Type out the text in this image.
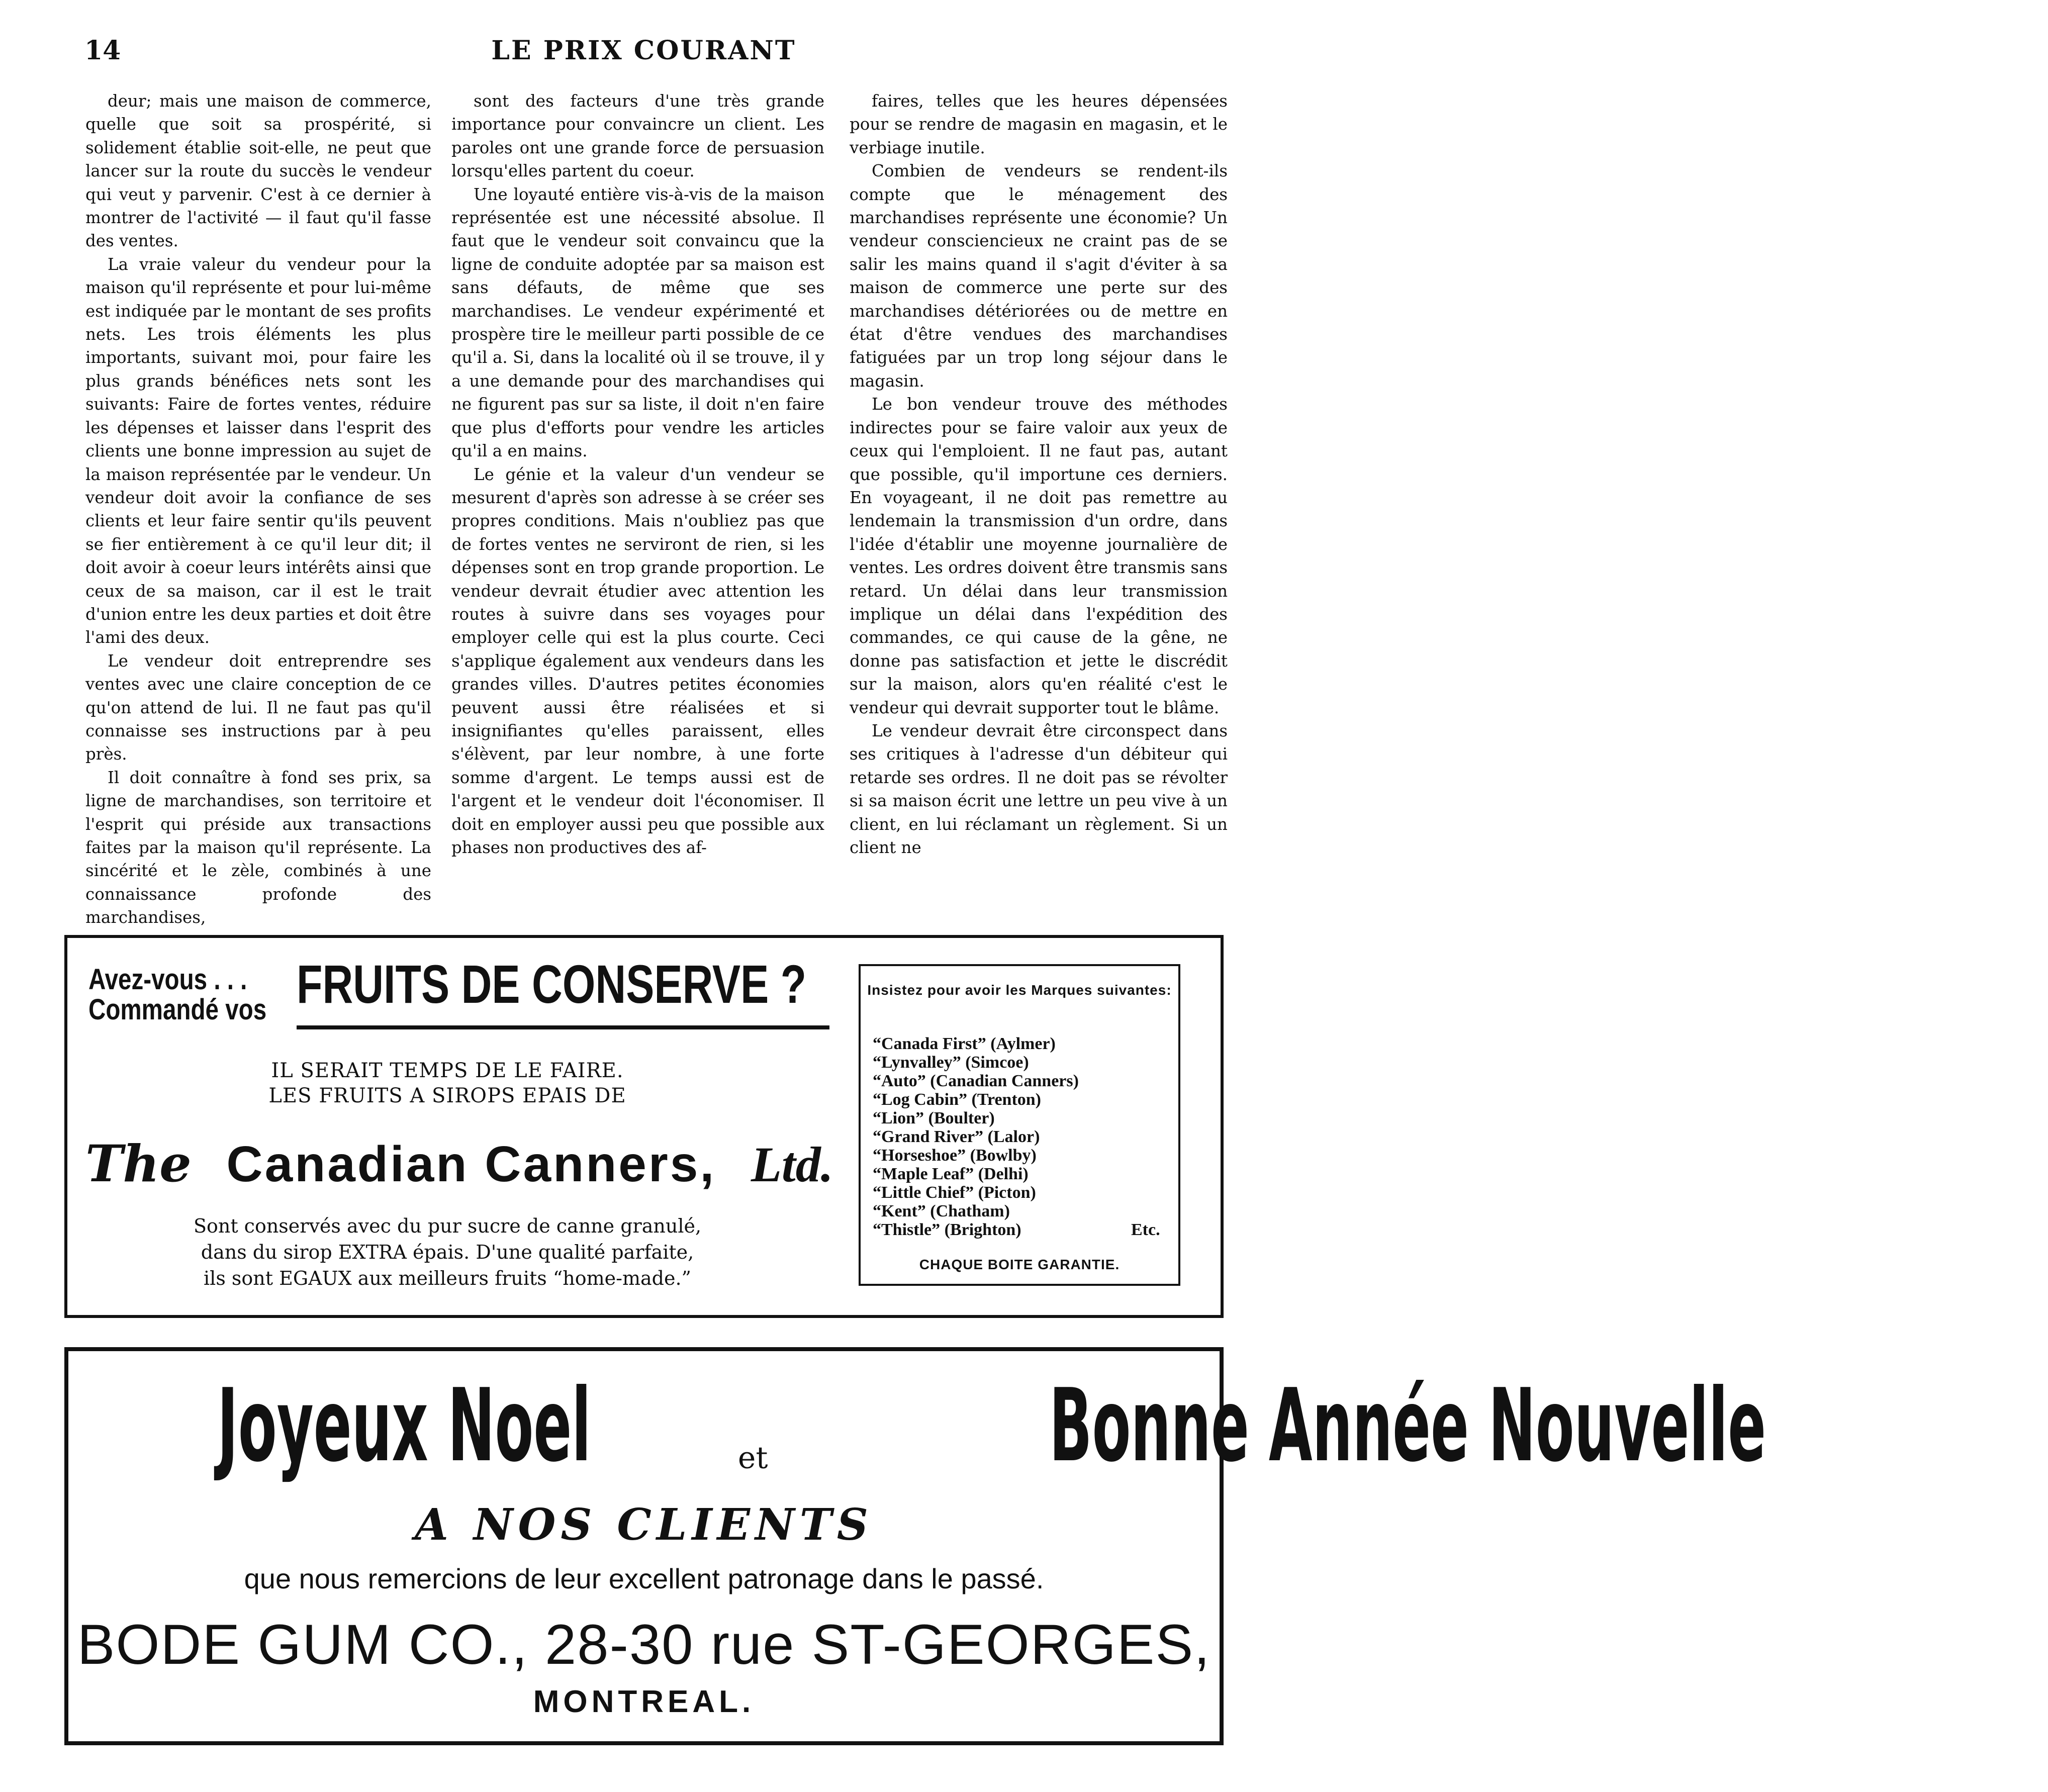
LE PRIX COURANT
14

deur; mais une maison de commerce, quelle que soit sa prospérité, si solidement établie soit-elle, ne peut que lancer sur la route du succès le vendeur qui veut y parvenir. C'est à ce dernier à montrer de l'activité — il faut qu'il fasse des ventes.

La vraie valeur du vendeur pour la maison qu'il représente et pour lui-même est indiquée par le montant de ses profits nets. Les trois éléments les plus importants, suivant moi, pour faire les plus grands bénéfices nets sont les suivants: Faire de fortes ventes, réduire les dépenses et laisser dans l'esprit des clients une bonne impression au sujet de la maison représentée par le vendeur. Un vendeur doit avoir la confiance de ses clients et leur faire sentir qu'ils peuvent se fier entièrement à ce qu'il leur dit; il doit avoir à coeur leurs intérêts ainsi que ceux de sa maison, car il est le trait d'union entre les deux parties et doit être l'ami des deux.

Le vendeur doit entreprendre ses ventes avec une claire conception de ce qu'on attend de lui. Il ne faut pas qu'il connaisse ses instructions par à peu près.

Il doit connaître à fond ses prix, sa ligne de marchandises, son territoire et l'esprit qui préside aux transactions faites par la maison qu'il représente. La sincérité et le zèle, combinés à une connaissance profonde des marchandises,

sont des facteurs d'une très grande importance pour convaincre un client. Les paroles ont une grande force de persuasion lorsqu'elles partent du coeur.

Une loyauté entière vis-à-vis de la maison représentée est une nécessité absolue. Il faut que le vendeur soit convaincu que la ligne de conduite adoptée par sa maison est sans défauts, de même que ses marchandises. Le vendeur expérimenté et prospère tire le meilleur parti possible de ce qu'il a. Si, dans la localité où il se trouve, il y a une demande pour des marchandises qui ne figurent pas sur sa liste, il doit n'en faire que plus d'efforts pour vendre les articles qu'il a en mains.

Le génie et la valeur d'un vendeur se mesurent d'après son adresse à se créer ses propres conditions. Mais n'oubliez pas que de fortes ventes ne serviront de rien, si les dépenses sont en trop grande proportion. Le vendeur devrait étudier avec attention les routes à suivre dans ses voyages pour employer celle qui est la plus courte. Ceci s'applique également aux vendeurs dans les grandes villes. D'autres petites économies peuvent aussi être réalisées et si insignifiantes qu'elles paraissent, elles s'élèvent, par leur nombre, à une forte somme d'argent. Le temps aussi est de l'argent et le vendeur doit l'économiser. Il doit en employer aussi peu que possible aux phases non productives des af-

faires, telles que les heures dépensées pour se rendre de magasin en magasin, et le verbiage inutile.

Combien de vendeurs se rendent-ils compte que le ménagement des marchandises représente une économie? Un vendeur consciencieux ne craint pas de se salir les mains quand il s'agit d'éviter à sa maison de commerce une perte sur des marchandises détériorées ou de mettre en état d'être vendues des marchandises fatiguées par un trop long séjour dans le magasin.

Le bon vendeur trouve des méthodes indirectes pour se faire valoir aux yeux de ceux qui l'emploient. Il ne faut pas, autant que possible, qu'il importune ces derniers. En voyageant, il ne doit pas remettre au lendemain la transmission d'un ordre, dans l'idée d'établir une moyenne journalière de ventes. Les ordres doivent être transmis sans retard. Un délai dans leur transmission implique un délai dans l'expédition des commandes, ce qui cause de la gêne, ne donne pas satisfaction et jette le discrédit sur la maison, alors qu'en réalité c'est le vendeur qui devrait supporter tout le blâme.

Le vendeur devrait être circonspect dans ses critiques à l'adresse d'un débiteur qui retarde ses ordres. Il ne doit pas se révolter si sa maison écrit une lettre un peu vive à un client, en lui réclamant un règlement. Si un client ne

Avez-vous . . .
Commandé vos FRUITS DE CONSERVE ?
IL SERAIT TEMPS DE LE FAIRE.
LES FRUITS A SIROPS EPAIS DE
The Canadian Canners, Ltd.
Sont conservés avec du pur sucre de canne granulé,
dans du sirop EXTRA épais. D'une qualité parfaite,
ils sont EGAUX aux meilleurs fruits “home-made.”
Insistez pour avoir les Marques suivantes:
“Canada First” (Aylmer)
“Lynvalley” (Simcoe)
“Auto” (Canadian Canners)
“Log Cabin” (Trenton)
“Lion” (Boulter)
“Grand River” (Lalor)
“Horseshoe” (Bowlby)
“Maple Leaf” (Delhi)
“Little Chief” (Picton)
“Kent” (Chatham)
“Thistle” (Brighton)	Etc.
CHAQUE BOITE GARANTIE.
Joyeux Noel	et	Bonne Année Nouvelle
A NOS CLIENTS
que nous remercions de leur excellent patronage dans le passé.
BODE GUM CO., 28-30 rue ST-GEORGES,
MONTREAL.
